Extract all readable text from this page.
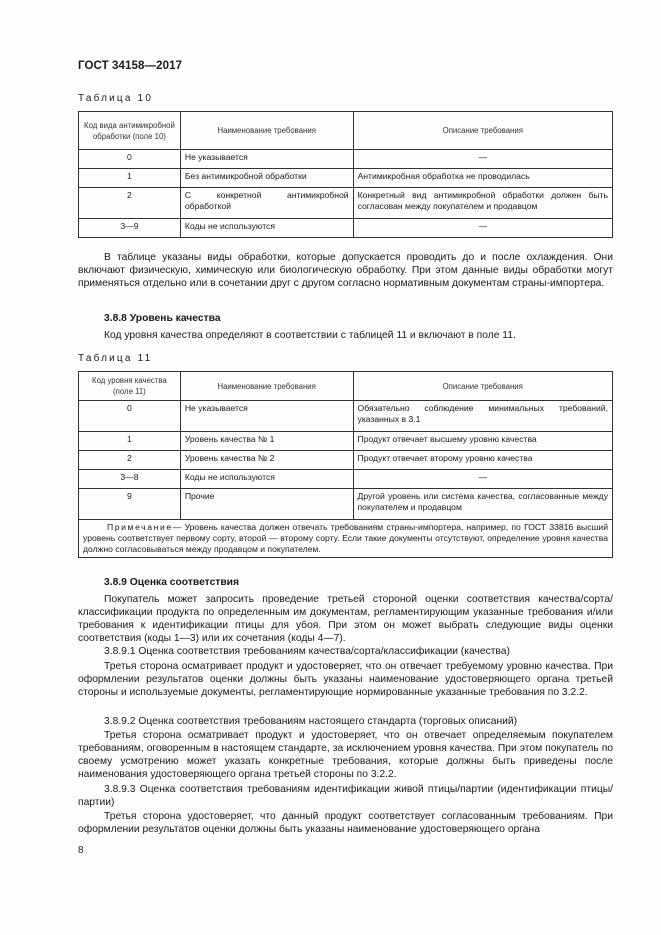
ГОСТ 34158—2017
Таблица 10
Код вида антимикробной обработки (поле 10)	Наименование требования	Описание требования
0	Не указывается	—
1	Без антимикробной обработки	Антимикробная обработка не проводилась
2	С конкретной антимикробной обработкой	Конкретный вид антимикробной обработки должен быть согласован между покупателем и продавцом
3—9	Коды не используются	—
В таблице указаны виды обработки, которые допускается проводить до и после охлаждения. Они включают физическую, химическую или биологическую обработку. При этом данные виды обработки могут применяться отдельно или в сочетании друг с другом согласно нормативным документам страны-импортера.
3.8.8 Уровень качества
Код уровня качества определяют в соответствии с таблицей 11 и включают в поле 11.
Таблица 11
Код уровня качества (поле 11)	Наименование требования	Описание требования
0	Не указывается	Обязательно соблюдение минимальных требований, указанных в 3.1
1	Уровень качества № 1	Продукт отвечает высшему уровню качества
2	Уровень качества № 2	Продукт отвечает второму уровню качества
3—8	Коды не используются	—
9	Прочие	Другой уровень или система качества, согласованные между покупателем и продавцом
Примечание— Уровень качества должен отвечать требованиям страны-импортера, например, по ГОСТ 33816 высший уровень соответствует первому сорту, второй — второму сорту. Если такие документы отсутствуют, определение уровня качества должно согласовываться между продавцом и покупателем.		
3.8.9 Оценка соответствия
Покупатель может запросить проведение третьей стороной оценки соответствия качества/сорта/классификации продукта по определенным им документам, регламентирующим указанные требования и/или требования к идентификации птицы для убоя. При этом он может выбрать следующие виды оценки соответствия (коды 1—3) или их сочетания (коды 4—7).
3.8.9.1 Оценка соответствия требованиям качества/сорта/классификации (качества)
Третья сторона осматривает продукт и удостоверяет, что он отвечает требуемому уровню качества. При оформлении результатов оценки должны быть указаны наименование удостоверяющего органа третьей стороны и используемые документы, регламентирующие нормированные указанные требования по 3.2.2.
3.8.9.2 Оценка соответствия требованиям настоящего стандарта (торговых описаний)
Третья сторона осматривает продукт и удостоверяет, что он отвечает определяемым покупателем требованиям, оговоренным в настоящем стандарте, за исключением уровня качества. При этом покупатель по своему усмотрению может указать конкретные требования, которые должны быть приведены после наименования удостоверяющего органа третьей стороны по 3.2.2.
3.8.9.3 Оценка соответствия требованиям идентификации живой птицы/партии (идентификации птицы/партии)
Третья сторона удостоверяет, что данный продукт соответствует согласованным требованиям. При оформлении результатов оценки должны быть указаны наименование удостоверяющего органа
8
